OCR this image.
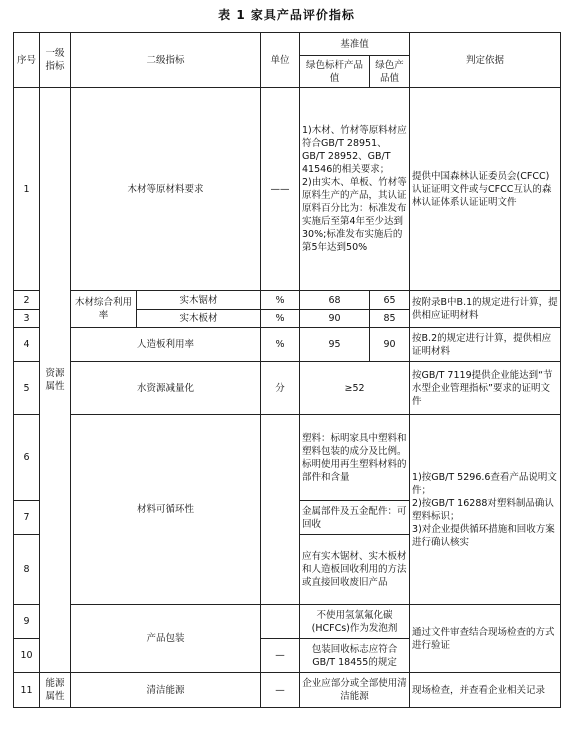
表 1 家具产品评价指标
序号	一级指标	二级指标		单位	基准值		判定依据
					绿色标杆产品值	绿色产品值	
1	资源属性	木材等原材料要求		——	1)木材、竹材等原料材应符合GB/T 28951、GB/T 28952、GB/T 41546的相关要求；
2)由实木、单板、竹材等原料生产的产品，其认证原料百分比为：标准发布实施后至第4年至少达到30%;标准发布实施后的第5年达到50%		提供中国森林认证委员会(CFCC)认证证明文件或与CFCC互认的森林认证体系认证证明文件
2		木材综合利用率	实木锯材	%	68	65	按附录B中B.1的规定进行计算，提供相应证明材料
3			实木板材	%	90	85	
4		人造板利用率		%	95	90	按B.2的规定进行计算，提供相应证明材料
5		水资源减量化		分	≥52		按GB/T 7119提供企业能达到“节水型企业管理指标”要求的证明文件
6		材料可循环性			塑料：标明家具中塑料和塑料包装的成分及比例。标明使用再生塑料材料的部件和含量		1)按GB/T 5296.6查看产品说明文件；
2)按GB/T 16288对塑料制品确认塑料标识；
3)对企业提供循环措施和回收方案进行确认核实
7					金属部件及五金配件：可回收		
8					应有实木锯材、实木板材和人造板回收利用的方法或直接回收废旧产品		
9		产品包装			不使用氢氯氟化碳(HCFCs)作为发泡剂		通过文件审查结合现场检查的方式进行验证
10				—	包装回收标志应符合GB/T 18455的规定		
11	能源属性	清洁能源		—	企业应部分或全部使用清洁能源		现场检查，并查看企业相关记录
